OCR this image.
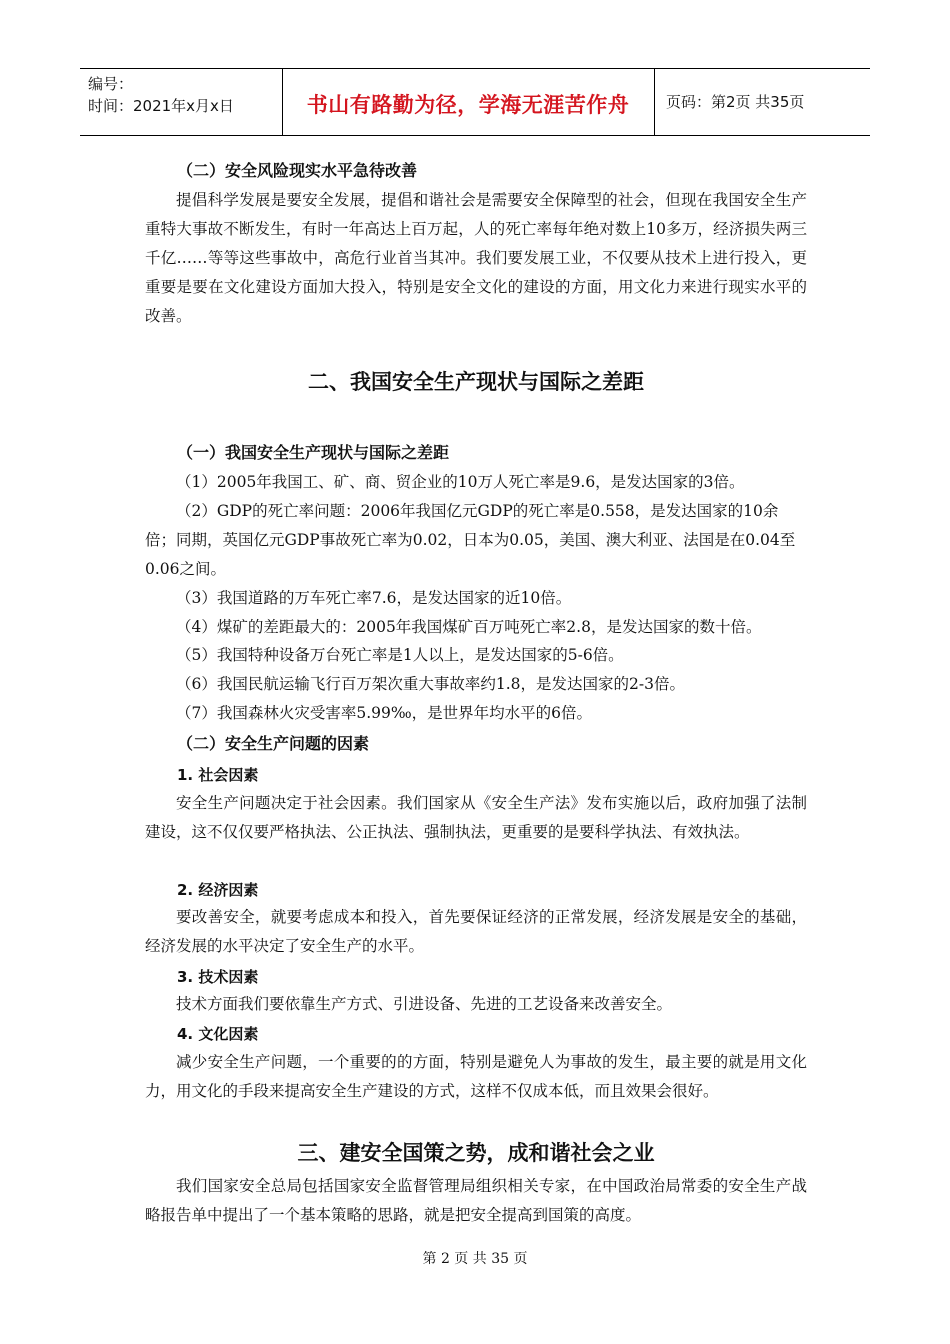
编号：
时间：2021年x月x日	书山有路勤为径，学海无涯苦作舟	页码：第2页 共35页
（二）安全风险现实水平急待改善

提倡科学发展是要安全发展，提倡和谐社会是需要安全保障型的社会，但现在我国安全生产重特大事故不断发生，有时一年高达上百万起，人的死亡率每年绝对数上10多万，经济损失两三千亿……等等这些事故中，高危行业首当其冲。我们要发展工业，不仅要从技术上进行投入，更重要是要在文化建设方面加大投入，特别是安全文化的建设的方面，用文化力来进行现实水平的改善。

二、我国安全生产现状与国际之差距
（一）我国安全生产现状与国际之差距

（1）2005年我国工、矿、商、贸企业的10万人死亡率是9.6，是发达国家的3倍。

（2）GDP的死亡率问题：2006年我国亿元GDP的死亡率是0.558，是发达国家的10余倍；同期，英国亿元GDP事故死亡率为0.02，日本为0.05，美国、澳大利亚、法国是在0.04至0.06之间。

（3）我国道路的万车死亡率7.6，是发达国家的近10倍。

（4）煤矿的差距最大的：2005年我国煤矿百万吨死亡率2.8，是发达国家的数十倍。

（5）我国特种设备万台死亡率是1人以上，是发达国家的5-6倍。

（6）我国民航运输飞行百万架次重大事故率约1.8，是发达国家的2-3倍。

（7）我国森林火灾受害率5.99‰，是世界年均水平的6倍。

（二）安全生产问题的因素
1. 社会因素

安全生产问题决定于社会因素。我们国家从《安全生产法》发布实施以后，政府加强了法制建设，这不仅仅要严格执法、公正执法、强制执法，更重要的是要科学执法、有效执法。

2. 经济因素

要改善安全，就要考虑成本和投入，首先要保证经济的正常发展，经济发展是安全的基础，经济发展的水平决定了安全生产的水平。

3. 技术因素

技术方面我们要依靠生产方式、引进设备、先进的工艺设备来改善安全。

4. 文化因素

减少安全生产问题，一个重要的的方面，特别是避免人为事故的发生，最主要的就是用文化力，用文化的手段来提高安全生产建设的方式，这样不仅成本低，而且效果会很好。

三、建安全国策之势，成和谐社会之业

我们国家安全总局包括国家安全监督管理局组织相关专家，在中国政治局常委的安全生产战略报告单中提出了一个基本策略的思路，就是把安全提高到国策的高度。

第 2 页 共 35 页
